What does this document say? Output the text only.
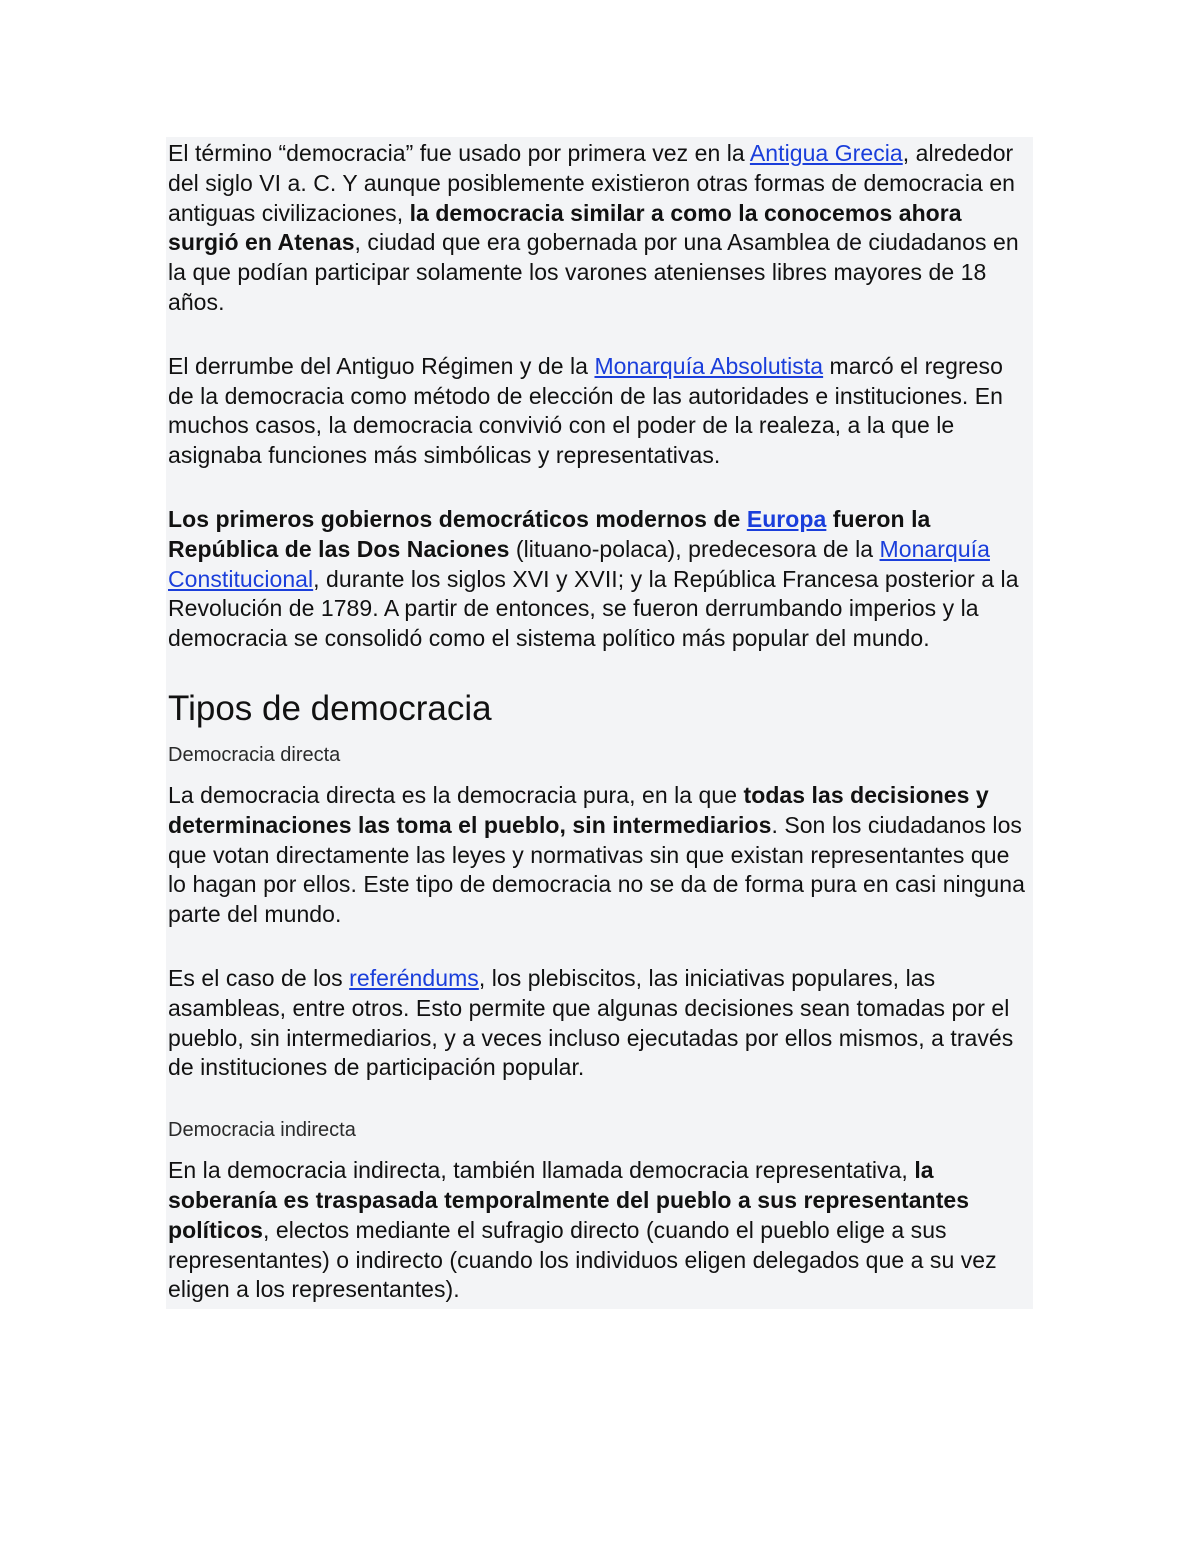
El término “democracia” fue usado por primera vez en la Antigua Grecia, alrededor del siglo VI a. C. Y aunque posiblemente existieron otras formas de democracia en antiguas civilizaciones, la democracia similar a como la conocemos ahora surgió en Atenas, ciudad que era gobernada por una Asamblea de ciudadanos en la que podían participar solamente los varones atenienses libres mayores de 18 años.

El derrumbe del Antiguo Régimen y de la Monarquía Absolutista marcó el regreso de la democracia como método de elección de las autoridades e instituciones. En muchos casos, la democracia convivió con el poder de la realeza, a la que le asignaba funciones más simbólicas y representativas.

Los primeros gobiernos democráticos modernos de Europa fueron la República de las Dos Naciones (lituano-polaca), predecesora de la Monarquía Constitucional, durante los siglos XVI y XVII; y la República Francesa posterior a la Revolución de 1789. A partir de entonces, se fueron derrumbando imperios y la democracia se consolidó como el sistema político más popular del mundo.

Tipos de democracia
Democracia directa

La democracia directa es la democracia pura, en la que todas las decisiones y determinaciones las toma el pueblo, sin intermediarios. Son los ciudadanos los que votan directamente las leyes y normativas sin que existan representantes que lo hagan por ellos. Este tipo de democracia no se da de forma pura en casi ninguna parte del mundo.

Es el caso de los referéndums, los plebiscitos, las iniciativas populares, las asambleas, entre otros. Esto permite que algunas decisiones sean tomadas por el pueblo, sin intermediarios, y a veces incluso ejecutadas por ellos mismos, a través de instituciones de participación popular.

Democracia indirecta

En la democracia indirecta, también llamada democracia representativa, la soberanía es traspasada temporalmente del pueblo a sus representantes políticos, electos mediante el sufragio directo (cuando el pueblo elige a sus representantes) o indirecto (cuando los individuos eligen delegados que a su vez eligen a los representantes).
